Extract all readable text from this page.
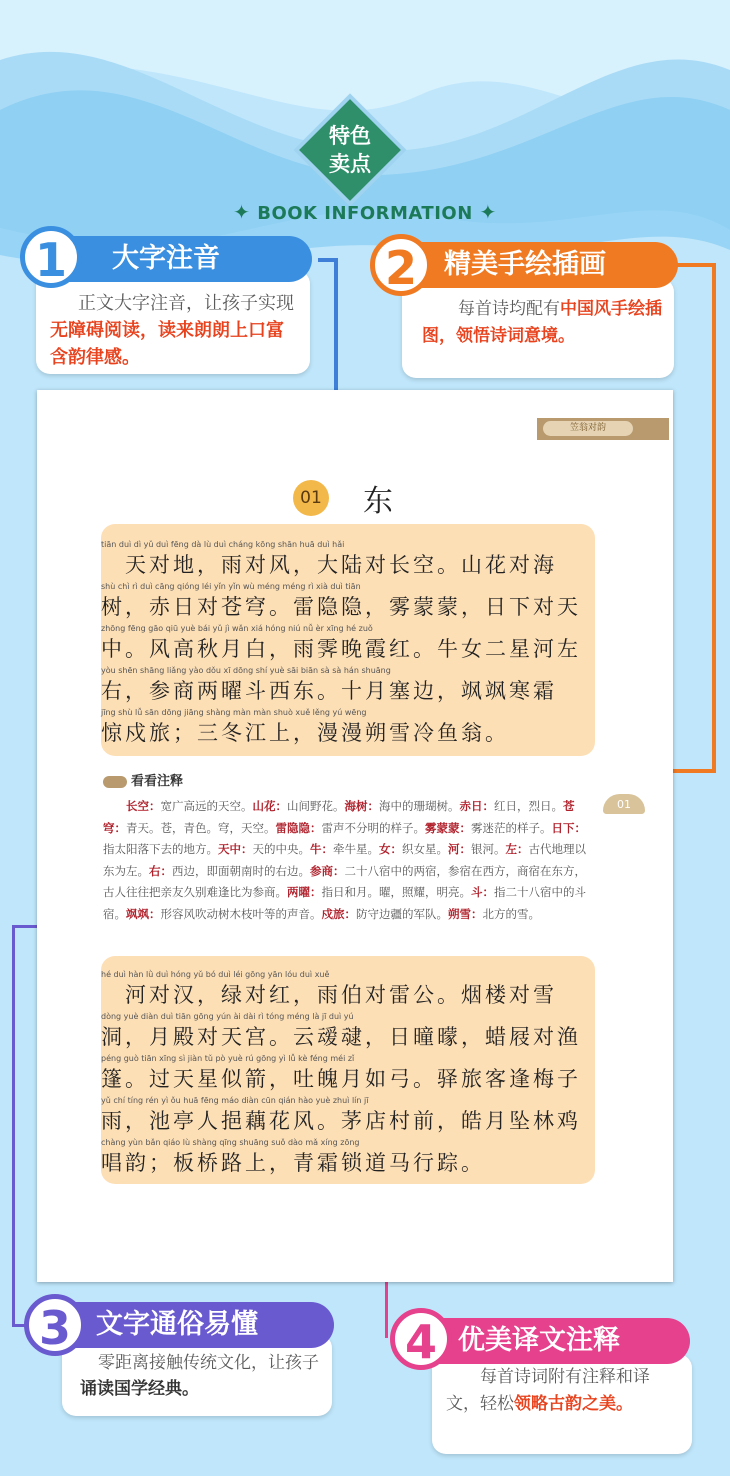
特色
卖点
✦ BOOK INFORMATION ✦
正文大字注音，让孩子实现无障碍阅读，读来朗朗上口富含韵律感。
大字注音
1
每首诗均配有中国风手绘插图，领悟诗词意境。
精美手绘插画
2
笠翁对韵
01 东
tiān duì dì yǔ duì fēng dà lù duì cháng kōng shān huā duì hǎi
　天对地，雨对风，大陆对长空。山花对海
shù chì rì duì cāng qióng léi yǐn yǐn wù méng méng rì xià duì tiān
树，赤日对苍穹。雷隐隐，雾蒙蒙，日下对天
zhōng fēng gāo qiū yuè bái yǔ jì wǎn xiá hóng niú nǚ èr xīng hé zuǒ
中。风高秋月白，雨霁晚霞红。牛女二星河左
yòu shēn shāng liǎng yào dǒu xī dōng shí yuè sāi biān sà sà hán shuāng
右，参商两曜斗西东。十月塞边，飒飒寒霜
jīng shù lǚ sān dōng jiāng shàng màn màn shuò xuě lěng yú wēng
惊戍旅；三冬江上，漫漫朔雪冷鱼翁。
看看注释
01
　　长空：宽广高远的天空。山花：山间野花。海树：海中的珊瑚树。赤日：红日，烈日。苍穹：青天。苍，青色。穹，天空。雷隐隐：雷声不分明的样子。雾蒙蒙：雾迷茫的样子。日下：指太阳落下去的地方。天中：天的中央。牛：牵牛星。女：织女星。河：银河。左：古代地理以东为左。右：西边，即面朝南时的右边。参商：二十八宿中的两宿，参宿在西方，商宿在东方，古人往往把亲友久别难逢比为参商。两曜：指日和月。曜，照耀，明亮。斗：指二十八宿中的斗宿。飒飒：形容风吹动树木枝叶等的声音。戍旅：防守边疆的军队。朔雪：北方的雪。
hé duì hàn lǜ duì hóng yǔ bó duì léi gōng yān lóu duì xuě
　河对汉，绿对红，雨伯对雷公。烟楼对雪
dòng yuè diàn duì tiān gōng yún ài dài rì tóng méng là jī duì yú
洞，月殿对天宫。云叆叇，日曈曚，蜡屐对渔
péng guò tiān xīng sì jiàn tǔ pò yuè rú gōng yì lǚ kè féng méi zǐ
篷。过天星似箭，吐魄月如弓。驿旅客逢梅子
yǔ chí tíng rén yì ǒu huā fēng máo diàn cūn qián hào yuè zhuì lín jī
雨，池亭人挹藕花风。茅店村前，皓月坠林鸡
chàng yùn bǎn qiáo lù shàng qīng shuāng suǒ dào mǎ xíng zōng
唱韵；板桥路上，青霜锁道马行踪。
零距离接触传统文化，让孩子诵读国学经典。
文字通俗易懂
3
每首诗词附有注释和译文，轻松领略古韵之美。
优美译文注释
4
